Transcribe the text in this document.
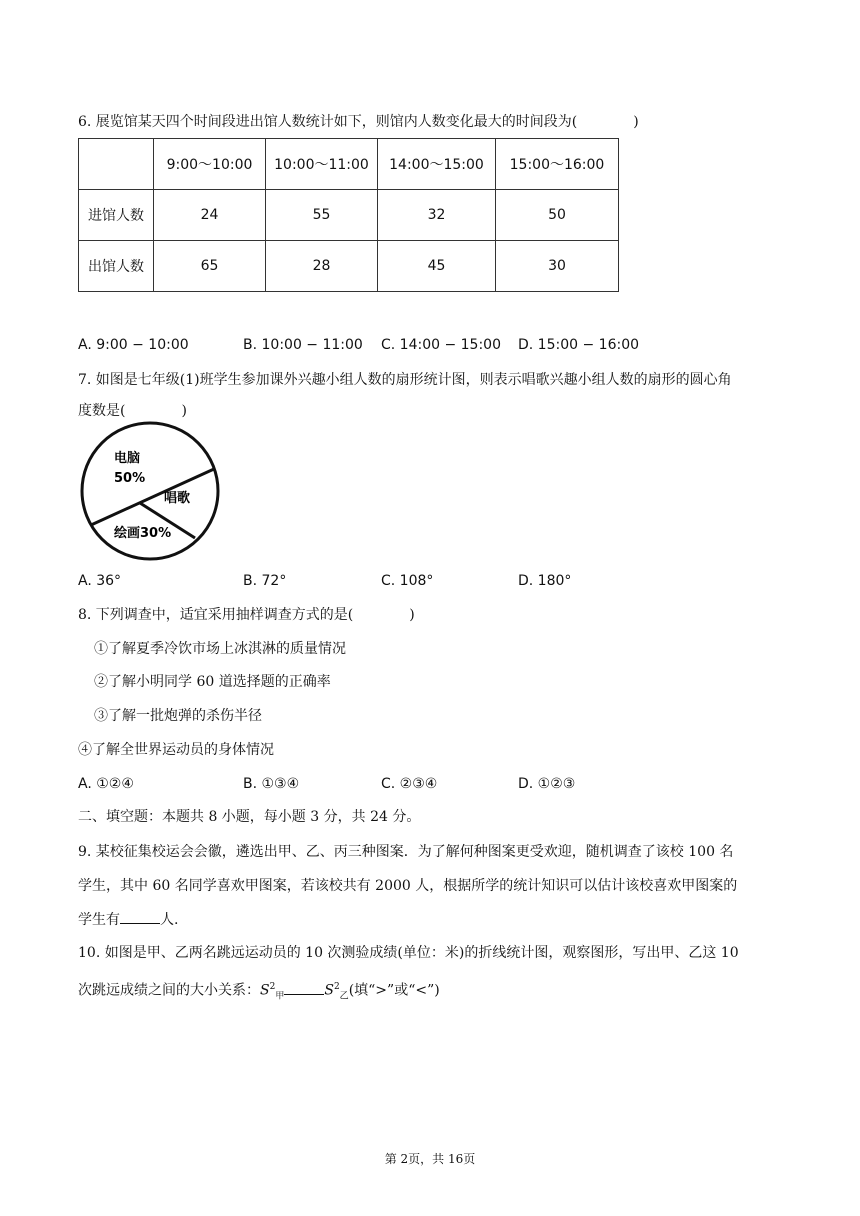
6. 展览馆某天四个时间段进出馆人数统计如下，则馆内人数变化最大的时间段为(　　　　)
	9:00～10:00	10:00～11:00	14:00～15:00	15:00～16:00
进馆人数	24	55	32	50
出馆人数	65	28	45	30
A. 9:00 − 10:00	B. 10:00 − 11:00 C. 14:00 − 15:00 D. 15:00 − 16:00
7. 如图是七年级(1)班学生参加课外兴趣小组人数的扇形统计图，则表示唱歌兴趣小组人数的扇形的圆心角
度数是(　　　　)
电脑
50%
唱歌
绘画30%
A. 36°	B. 72°	C. 108°	D. 180°
8. 下列调查中，适宜采用抽样调查方式的是(　　　　)
①了解夏季冷饮市场上冰淇淋的质量情况
②了解小明同学 60 道选择题的正确率
③了解一批炮弹的杀伤半径
④了解全世界运动员的身体情况
A. ①②④	B. ①③④	C. ②③④	D. ①②③
二、填空题：本题共 8 小题，每小题 3 分，共 24 分。
9. 某校征集校运会会徽，遴选出甲、乙、丙三种图案．为了解何种图案更受欢迎，随机调查了该校 100 名
学生，其中 60 名同学喜欢甲图案，若该校共有 2000 人，根据所学的统计知识可以估计该校喜欢甲图案的
学生有	人.
10. 如图是甲、乙两名跳远运动员的 10 次测验成绩(单位：米)的折线统计图，观察图形，写出甲、乙这 10
次跳远成绩之间的大小关系：$S^2_甲$	$S^2_乙$(填“>”或“<”)
第 2页，共 16页
